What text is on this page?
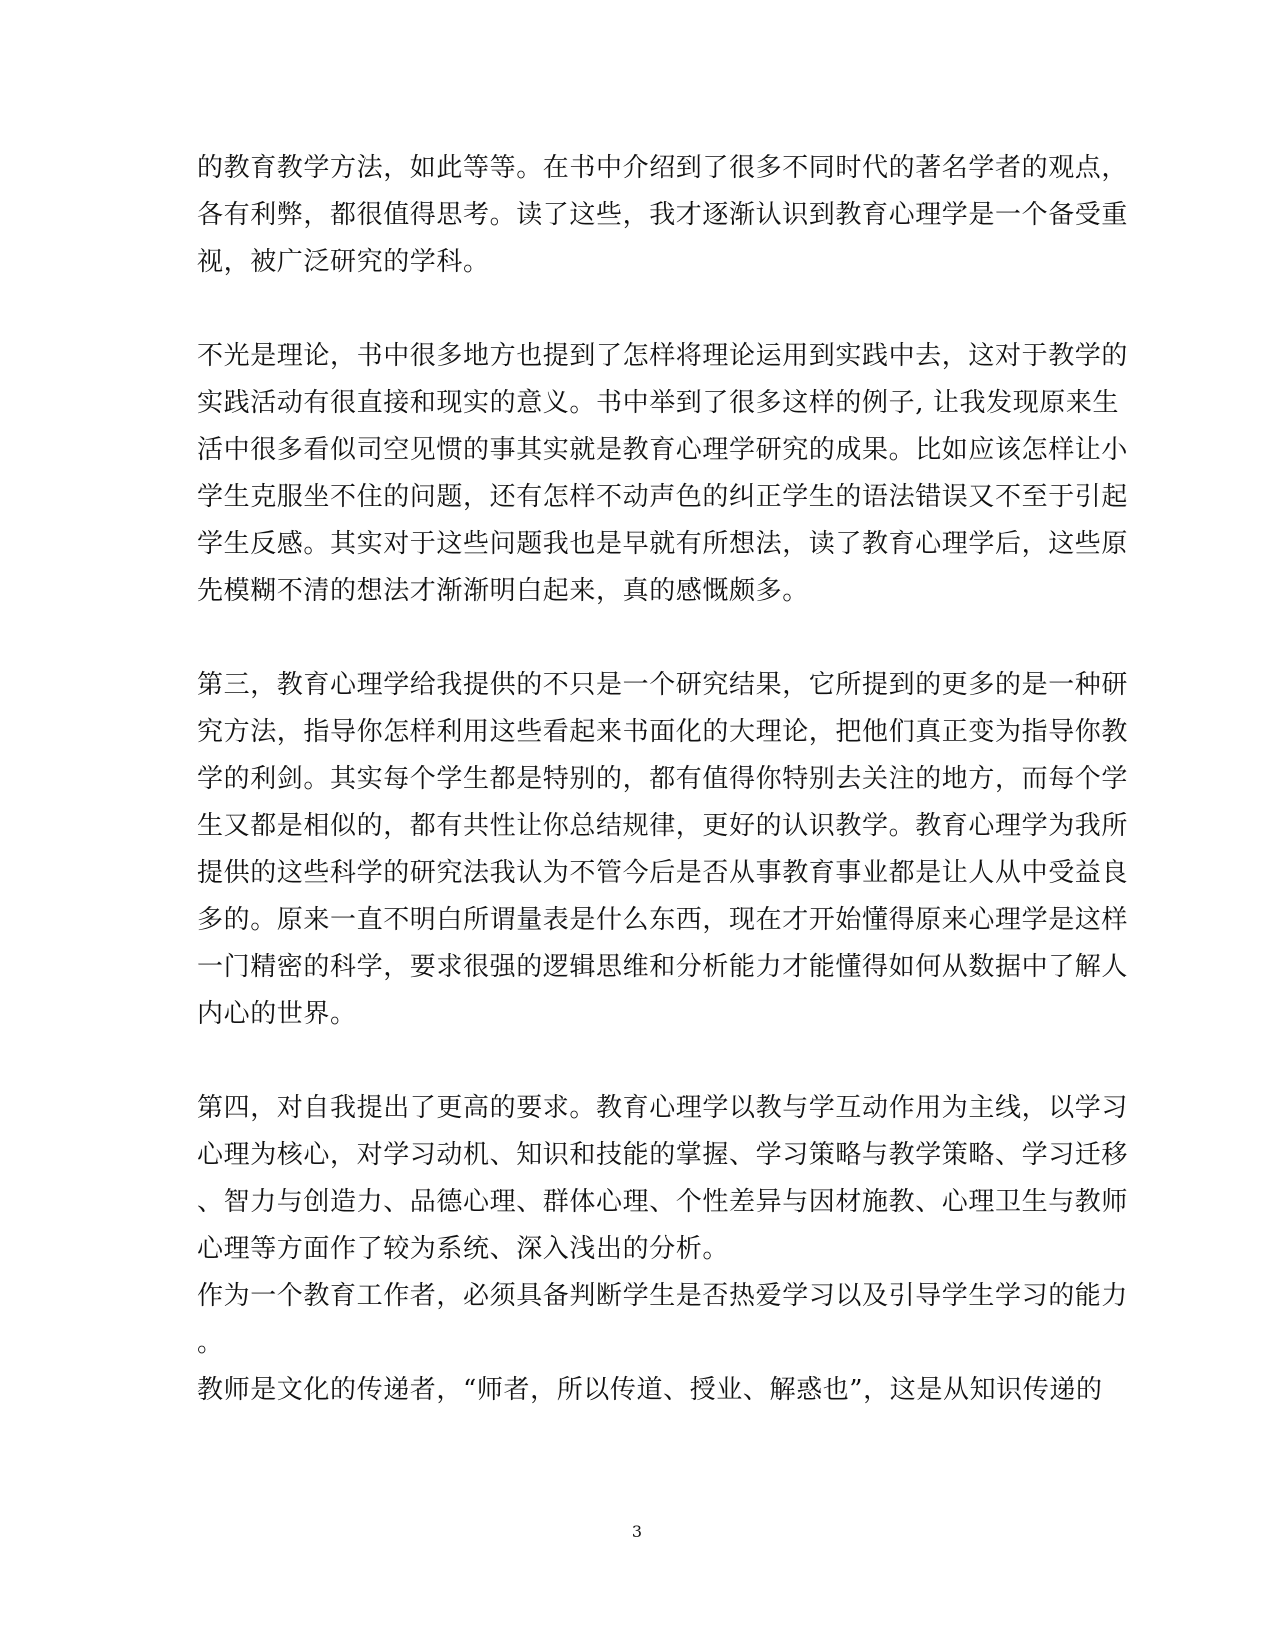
的教育教学方法，如此等等。在书中介绍到了很多不同时代的著名学者的观点，
各有利弊，都很值得思考。读了这些，我才逐渐认识到教育心理学是一个备受重
视，被广泛研究的学科。
不光是理论，书中很多地方也提到了怎样将理论运用到实践中去，这对于教学的
实践活动有很直接和现实的意义。书中举到了很多这样的例子, 让我发现原来生
活中很多看似司空见惯的事其实就是教育心理学研究的成果。比如应该怎样让小
学生克服坐不住的问题，还有怎样不动声色的纠正学生的语法错误又不至于引起
学生反感。其实对于这些问题我也是早就有所想法，读了教育心理学后，这些原
先模糊不清的想法才渐渐明白起来，真的感慨颇多。
第三，教育心理学给我提供的不只是一个研究结果，它所提到的更多的是一种研
究方法，指导你怎样利用这些看起来书面化的大理论，把他们真正变为指导你教
学的利剑。其实每个学生都是特别的，都有值得你特别去关注的地方，而每个学
生又都是相似的，都有共性让你总结规律，更好的认识教学。教育心理学为我所
提供的这些科学的研究法我认为不管今后是否从事教育事业都是让人从中受益良
多的。原来一直不明白所谓量表是什么东西，现在才开始懂得原来心理学是这样
一门精密的科学，要求很强的逻辑思维和分析能力才能懂得如何从数据中了解人
内心的世界。
第四，对自我提出了更高的要求。教育心理学以教与学互动作用为主线，以学习
心理为核心，对学习动机、知识和技能的掌握、学习策略与教学策略、学习迁移
、智力与创造力、品德心理、群体心理、个性差异与因材施教、心理卫生与教师
心理等方面作了较为系统、深入浅出的分析。
作为一个教育工作者，必须具备判断学生是否热爱学习以及引导学生学习的能力
。
教师是文化的传递者，“师者，所以传道、授业、解惑也”，这是从知识传递的
3
